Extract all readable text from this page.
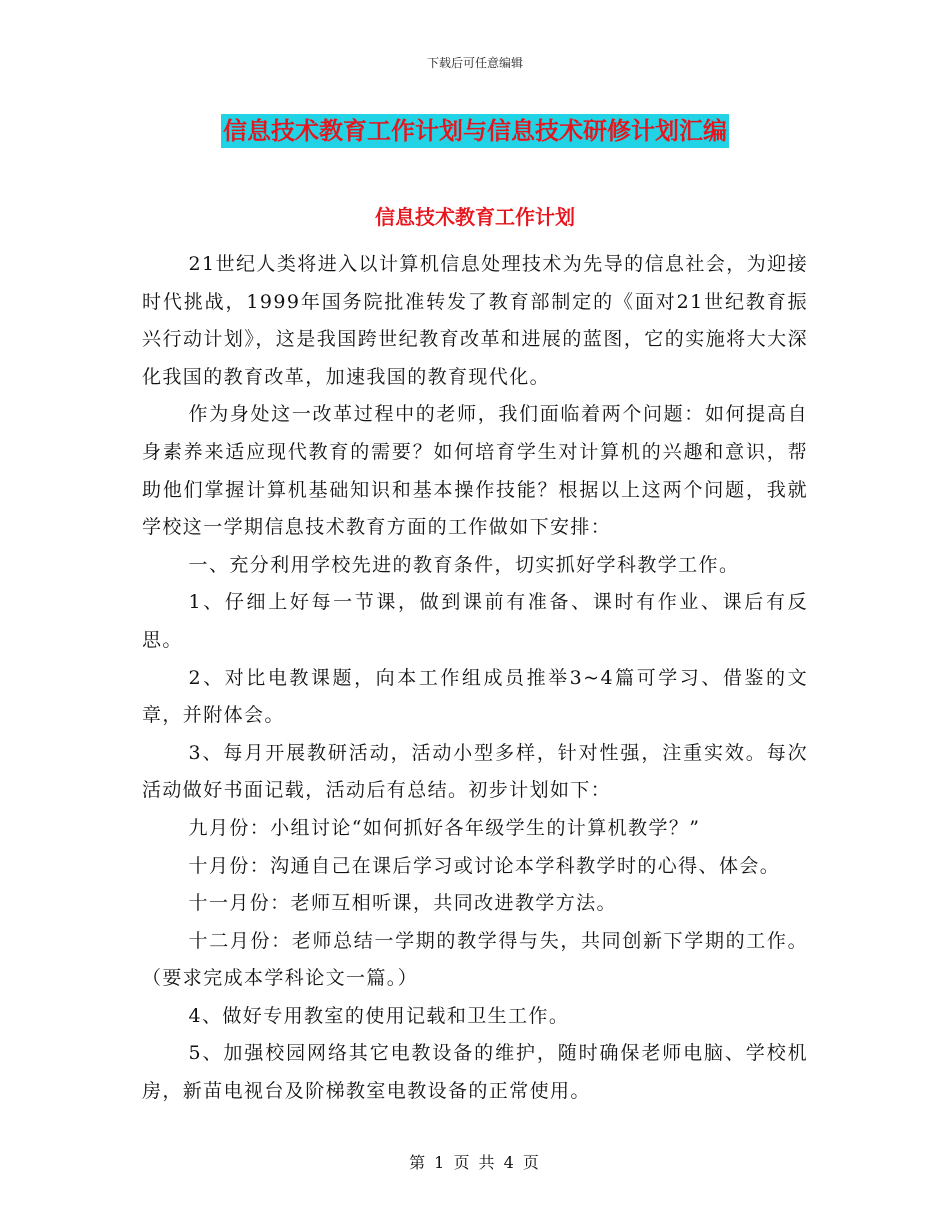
下载后可任意编辑
信息技术教育工作计划与信息技术研修计划汇编
信息技术教育工作计划

21世纪人类将进入以计算机信息处理技术为先导的信息社会，为迎接时代挑战，1999年国务院批准转发了教育部制定的《面对21世纪教育振兴行动计划》，这是我国跨世纪教育改革和进展的蓝图，它的实施将大大深化我国的教育改革，加速我国的教育现代化。

作为身处这一改革过程中的老师，我们面临着两个问题：如何提高自身素养来适应现代教育的需要？如何培育学生对计算机的兴趣和意识，帮助他们掌握计算机基础知识和基本操作技能？根据以上这两个问题，我就学校这一学期信息技术教育方面的工作做如下安排：

一、充分利用学校先进的教育条件，切实抓好学科教学工作。

1、仔细上好每一节课，做到课前有准备、课时有作业、课后有反思。

2、对比电教课题，向本工作组成员推举3~4篇可学习、借鉴的文章，并附体会。

3、每月开展教研活动，活动小型多样，针对性强，注重实效。每次活动做好书面记载，活动后有总结。初步计划如下：

九月份：小组讨论“如何抓好各年级学生的计算机教学？”

十月份：沟通自己在课后学习或讨论本学科教学时的心得、体会。

十一月份：老师互相听课，共同改进教学方法。

十二月份：老师总结一学期的教学得与失，共同创新下学期的工作。（要求完成本学科论文一篇。）

4、做好专用教室的使用记载和卫生工作。

5、加强校园网络其它电教设备的维护，随时确保老师电脑、学校机房，新苗电视台及阶梯教室电教设备的正常使用。

第 1 页 共 4 页
